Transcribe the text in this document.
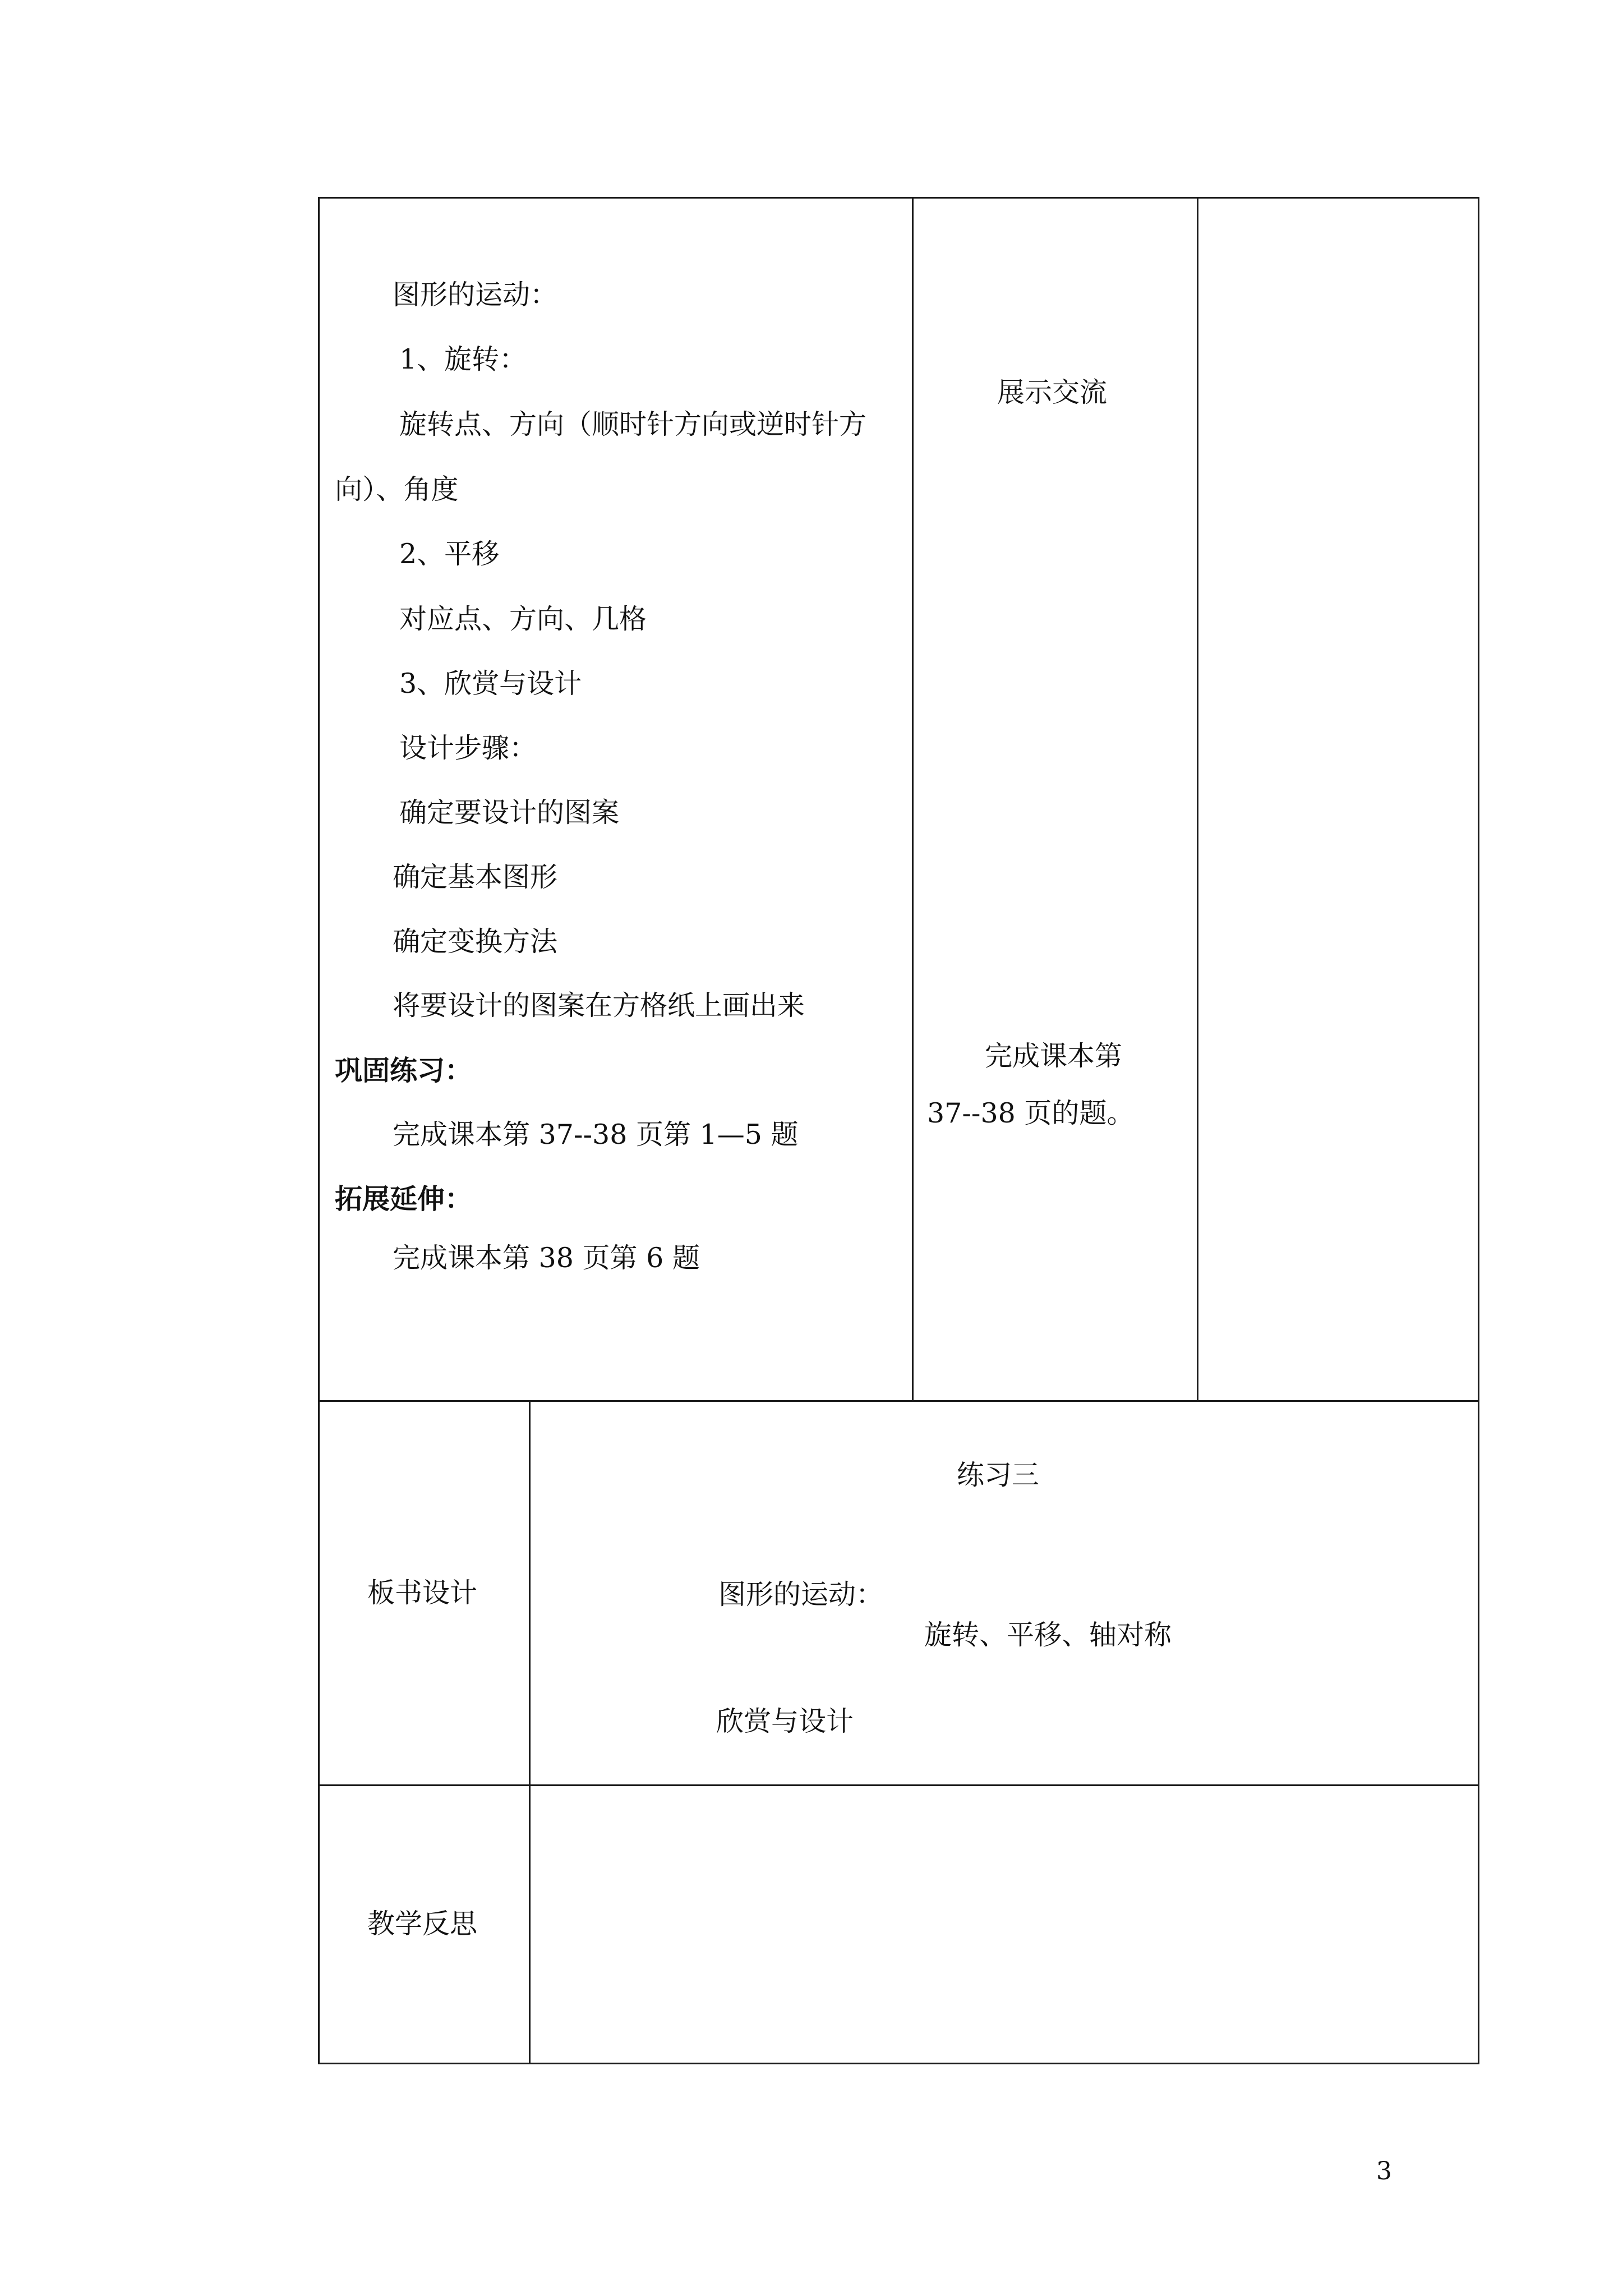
图形的运动：
1、旋转：
旋转点、方向（顺时针方向或逆时针方
向）、角度
2、平移
对应点、方向、几格
3、欣赏与设计
设计步骤：
确定要设计的图案
确定基本图形
确定变换方法
将要设计的图案在方格纸上画出来
巩固练习：
完成课本第 37--38 页第 1—5 题
拓展延伸：
完成课本第 38 页第 6 题
展示交流
完成课本第
37--38 页的题。
板书设计
练习三
图形的运动：
旋转、平移、轴对称
欣赏与设计
教学反思
3
